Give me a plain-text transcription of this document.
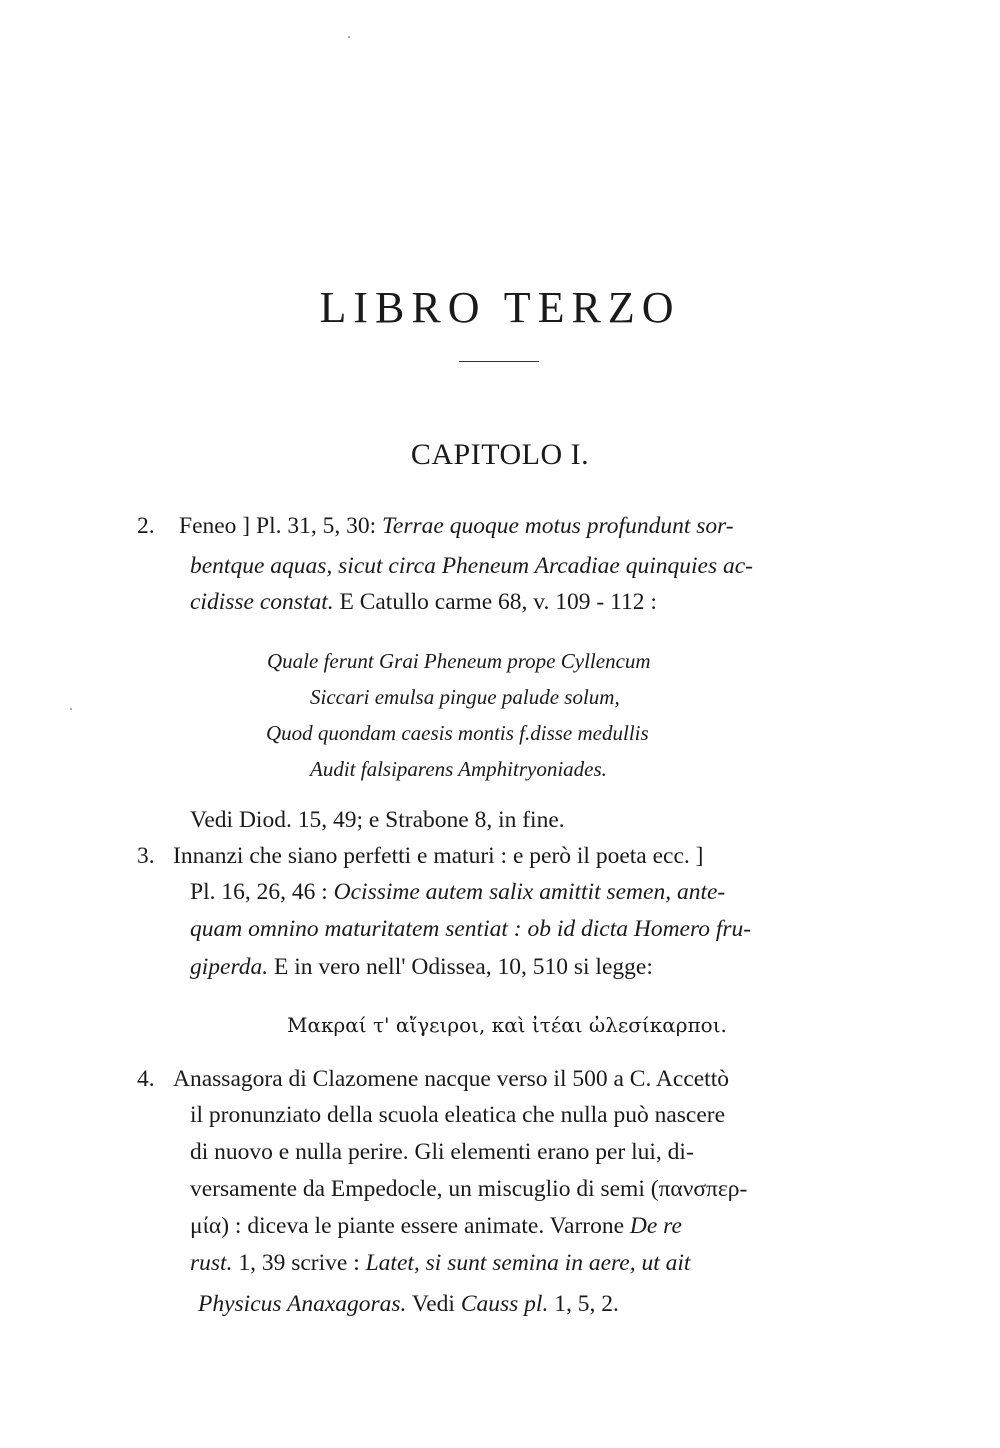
LIBRO TERZO
CAPITOLO I.
2. Feneo ] Pl. 31, 5, 30: Terrae quoque motus profundunt sor-
bentque aquas, sicut circa Pheneum Arcadiae quinquies ac-
cidisse constat. E Catullo carme 68, v. 109 - 112 :
Quale ferunt Grai Pheneum prope Cyllencum
Siccari emulsa pingue palude solum,
Quod quondam caesis montis f.disse medullis
Audit falsiparens Amphitryoniades.
Vedi Diod. 15, 49; e Strabone 8, in fine.
3. Innanzi che siano perfetti e maturi : e però il poeta ecc. ]
Pl. 16, 26, 46 : Ocissime autem salix amittit semen, ante-
quam omnino maturitatem sentiat : ob id dicta Homero fru-
giperda. E in vero nell' Odissea, 10, 510 si legge:
Μακραί τ' αἴγειροι, καὶ ἰτέαι ὠλεσίκαρποι.
4. Anassagora di Clazomene nacque verso il 500 a C. Accettò
il pronunziato della scuola eleatica che nulla può nascere
di nuovo e nulla perire. Gli elementi erano per lui, di-
versamente da Empedocle, un miscuglio di semi (πανσπερ-
μία) : diceva le piante essere animate. Varrone De re
rust. 1, 39 scrive : Latet, si sunt semina in aere, ut ait
Physicus Anaxagoras. Vedi Causs pl. 1, 5, 2.
